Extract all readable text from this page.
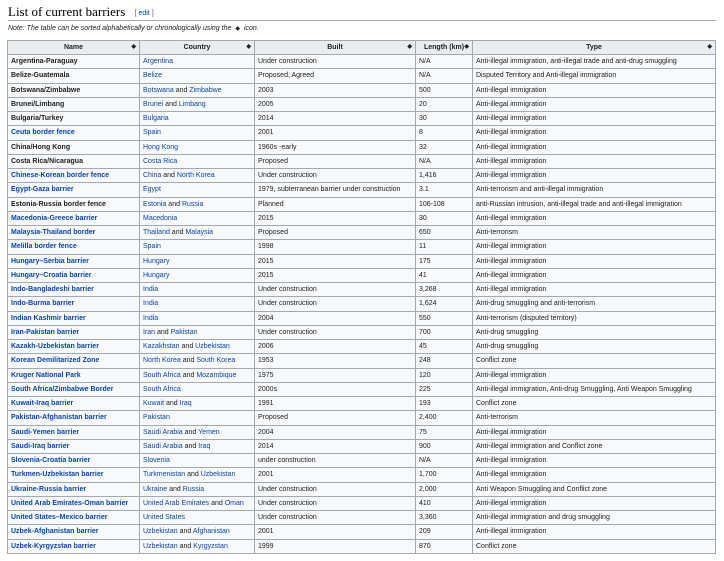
List of current barriers [ edit ]
Note: The table can be sorted alphabetically or chronologically using the ◆ icon.
Name ◆	Country ◆	Built ◆	Length (km) ◆	Type ◆

Argentina-Paraguay	Argentina	Under construction	N/A	Anti-illegal immigration, anti-illegal trade and anti-drug smuggling
Belize-Guatemala	Belize	Proposed, Agreed	N/A	Disputed Territory and Anti-illegal immigration
Botswana/Zimbabwe	Botswana and Zimbabwe	2003	500	Anti-illegal immigration
Brunei/Limbang	Brunei and Limbang	2005	20	Anti-illegal immigration
Bulgaria/Turkey	Bulgaria	2014	30	Anti-illegal immigration
Ceuta border fence	Spain	2001	8	Anti-illegal immigration
China/Hong Kong	Hong Kong	1960s -early	32	Anti-illegal immigration
Costa Rica/Nicaragua	Costa Rica	Proposed	N/A	Anti-illegal immigration
Chinese-Korean border fence	China and North Korea	Under construction	1,416	Anti-illegal immigration
Egypt-Gaza barrier	Egypt	1979, subterranean barrier under construction	3.1	Anti-terrorism and anti-illegal immigration
Estonia-Russia border fence	Estonia and Russia	Planned	106-108	anti-Russian intrusion, anti-illegal trade and anti-illegal immigration
Macedonia-Greece barrier	Macedonia	2015	30	Anti-illegal immigration
Malaysia-Thailand border	Thailand and Malaysia	Proposed	650	Anti-terrorism
Melilla border fence	Spain	1998	11	Anti-illegal immigration
Hungary–Serbia barrier	Hungary	2015	175	Anti-illegal immigration
Hungary–Croatia barrier	Hungary	2015	41	Anti-illegal immigration
Indo-Bangladeshi barrier	India	Under construction	3,268	Anti-illegal immigration
Indo-Burma barrier	India	Under construction	1,624	Anti-drug smuggling and anti-terrorism
Indian Kashmir barrier	India	2004	550	Anti-terrorism (disputed territory)
Iran-Pakistan barrier	Iran and Pakistan	Under construction	700	Anti-drug smuggling
Kazakh-Uzbekistan barrier	Kazakhstan and Uzbekistan	2006	45	Anti-drug smuggling
Korean Demilitarized Zone	North Korea and South Korea	1953	248	Conflict zone
Kruger National Park	South Africa and Mozambique	1975	120	Anti-illegal immigration
South Africa/Zimbabwe Border	South Africa	2000s	225	Anti-illegal immigration, Anti-drug Smuggling, Anti Weapon Smuggling
Kuwait-Iraq barrier	Kuwait and Iraq	1991	193	Conflict zone
Pakistan-Afghanistan barrier	Pakistan	Proposed	2,400	Anti-terrorism
Saudi-Yemen barrier	Saudi Arabia and Yemen	2004	75	Anti-illegal immigration
Saudi-Iraq barrier	Saudi Arabia and Iraq	2014	900	Anti-illegal immigration and Conflict zone
Slovenia-Croatia barrier	Slovenia	under construction	N/A	Anti-illegal immigration
Turkmen-Uzbekistan barrier	Turkmenistan and Uzbekistan	2001	1,700	Anti-illegal immigration
Ukraine-Russia barrier	Ukraine and Russia	Under construction	2,000	Anti Weapon Smuggling and Conflict zone
United Arab Emirates-Oman barrier	United Arab Emirates and Oman	Under construction	410	Anti-illegal immigration
United States–Mexico barrier	United States	Under construction	3,360	Anti-illegal immigration and drug smuggling
Uzbek-Afghanistan barrier	Uzbekistan and Afghanistan	2001	209	Anti-illegal immigration
Uzbek-Kyrgyzstan barrier	Uzbekistan and Kyrgyzstan	1999	870	Conflict zone
